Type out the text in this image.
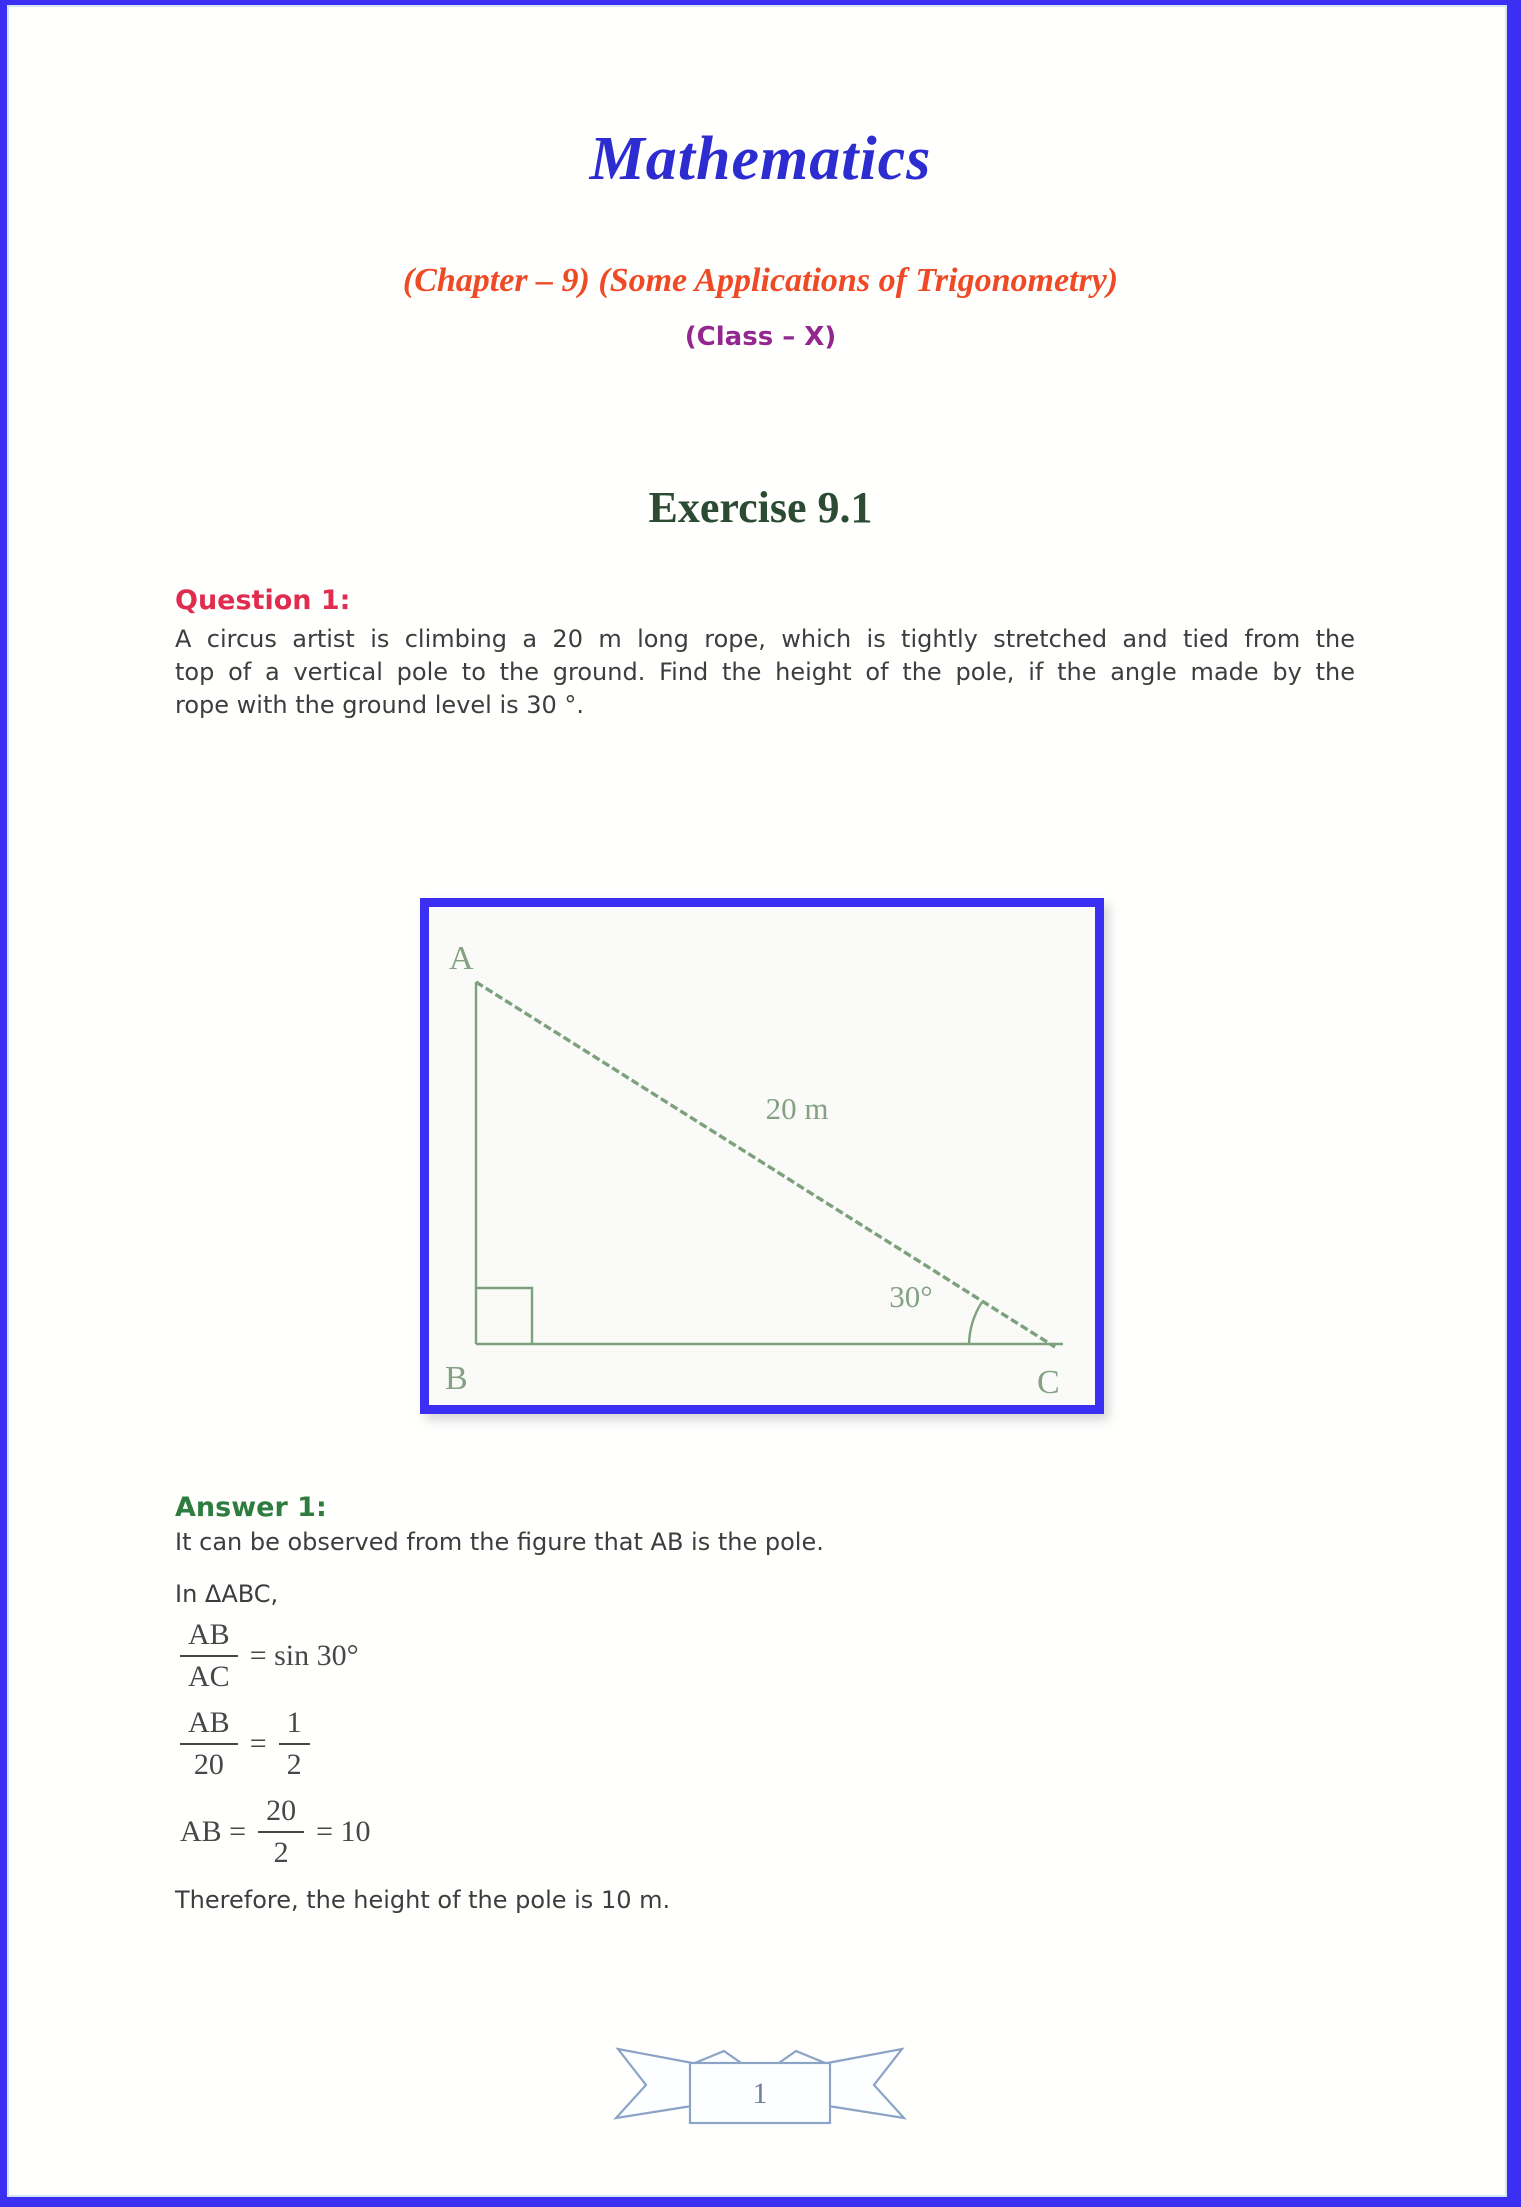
Mathematics
(Chapter – 9) (Some Applications of Trigonometry)
(Class – X)
Exercise 9.1
Question 1:
A circus artist is climbing a 20 m long rope, which is tightly stretched and tied from the
top of a vertical pole to the ground. Find the height of the pole, if the angle made by the
rope with the ground level is 30 °.
A
B	C
20 m
30°
Answer 1:
It can be observed from the figure that AB is the pole.
In ΔABC,
$\frac{AB}{AC} = \sin 30^\circ$
$\frac{AB}{20} = \frac{1}{2}$
AB = $\frac{20}{2} = 10$
Therefore, the height of the pole is 10 m.
1
